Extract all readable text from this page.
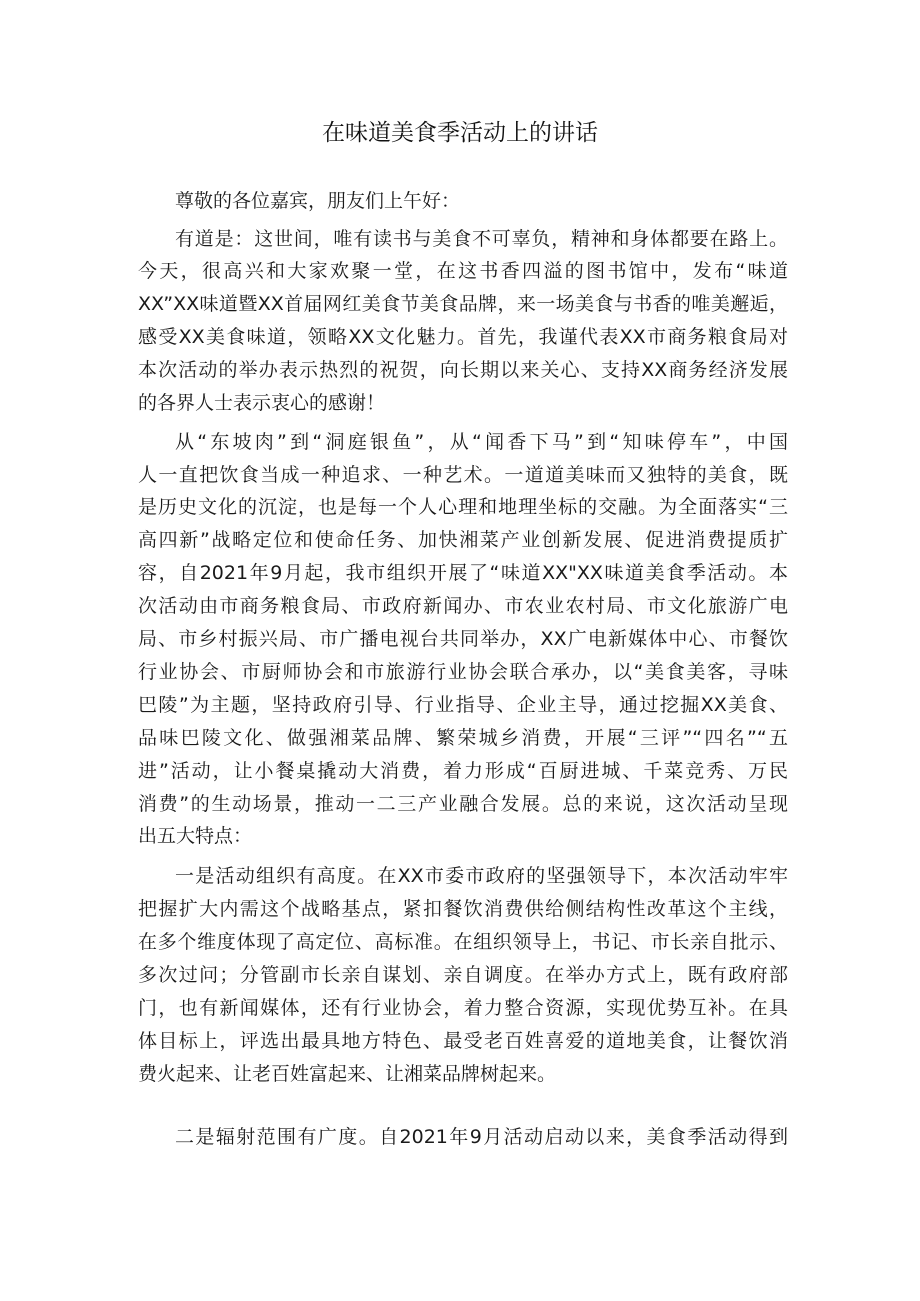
在味道美食季活动上的讲话
尊敬的各位嘉宾，朋友们上午好：
有道是：这世间，唯有读书与美食不可辜负，精神和身体都要在路上。
今天，很高兴和大家欢聚一堂，在这书香四溢的图书馆中，发布“味道
XX”XX味道暨XX首届网红美食节美食品牌，来一场美食与书香的唯美邂逅，
感受XX美食味道，领略XX文化魅力。首先，我谨代表XX市商务粮食局对
本次活动的举办表示热烈的祝贺，向长期以来关心、支持XX商务经济发展
的各界人士表示衷心的感谢！
从“东坡肉”到“洞庭银鱼”，从“闻香下马”到“知味停车”，中国
人一直把饮食当成一种追求、一种艺术。一道道美味而又独特的美食，既
是历史文化的沉淀，也是每一个人心理和地理坐标的交融。为全面落实“三
高四新”战略定位和使命任务、加快湘菜产业创新发展、促进消费提质扩
容，自2021年9月起，我市组织开展了“味道XX"XX味道美食季活动。本
次活动由市商务粮食局、市政府新闻办、市农业农村局、市文化旅游广电
局、市乡村振兴局、市广播电视台共同举办，XX广电新媒体中心、市餐饮
行业协会、市厨师协会和市旅游行业协会联合承办，以“美食美客，寻味
巴陵”为主题，坚持政府引导、行业指导、企业主导，通过挖掘XX美食、
品味巴陵文化、做强湘菜品牌、繁荣城乡消费，开展“三评”“四名”“五
进”活动，让小餐桌撬动大消费，着力形成“百厨进城、千菜竞秀、万民
消费”的生动场景，推动一二三产业融合发展。总的来说，这次活动呈现
出五大特点：
一是活动组织有高度。在XX市委市政府的坚强领导下，本次活动牢牢
把握扩大内需这个战略基点，紧扣餐饮消费供给侧结构性改革这个主线，
在多个维度体现了高定位、高标准。在组织领导上，书记、市长亲自批示、
多次过问；分管副市长亲自谋划、亲自调度。在举办方式上，既有政府部
门，也有新闻媒体，还有行业协会，着力整合资源，实现优势互补。在具
体目标上，评选出最具地方特色、最受老百姓喜爱的道地美食，让餐饮消
费火起来、让老百姓富起来、让湘菜品牌树起来。
二是辐射范围有广度。自2021年9月活动启动以来，美食季活动得到
